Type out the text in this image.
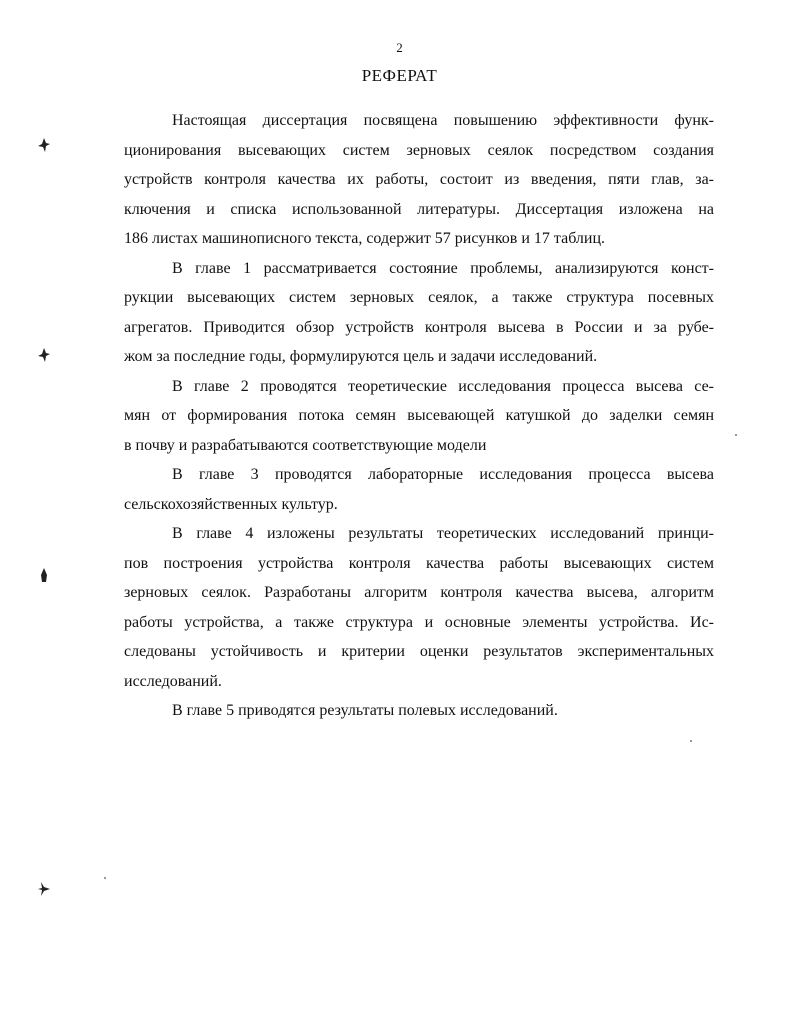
2
РЕФЕРАТ

Настоящая диссертация посвящена повышению эффективности функ-
ционирования высевающих систем зерновых сеялок посредством создания
устройств контроля качества их работы, состоит из введения, пяти глав, за-
ключения и списка использованной литературы. Диссертация изложена на
186 листах машинописного текста, содержит 57 рисунков и 17 таблиц.

В главе 1 рассматривается состояние проблемы, анализируются конст-
рукции высевающих систем зерновых сеялок, а также структура посевных
агрегатов. Приводится обзор устройств контроля высева в России и за рубе-
жом за последние годы, формулируются цель и задачи исследований.

В главе 2 проводятся теоретические исследования процесса высева се-
мян от формирования потока семян высевающей катушкой до заделки семян
в почву и разрабатываются соответствующие модели

В главе 3 проводятся лабораторные исследования процесса высева
сельскохозяйственных культур.

В главе 4 изложены результаты теоретических исследований принци-
пов построения устройства контроля качества работы высевающих систем
зерновых сеялок. Разработаны алгоритм контроля качества высева, алгоритм
работы устройства, а также структура и основные элементы устройства. Ис-
следованы устойчивость и критерии оценки результатов экспериментальных
исследований.

В главе 5 приводятся результаты полевых исследований.
